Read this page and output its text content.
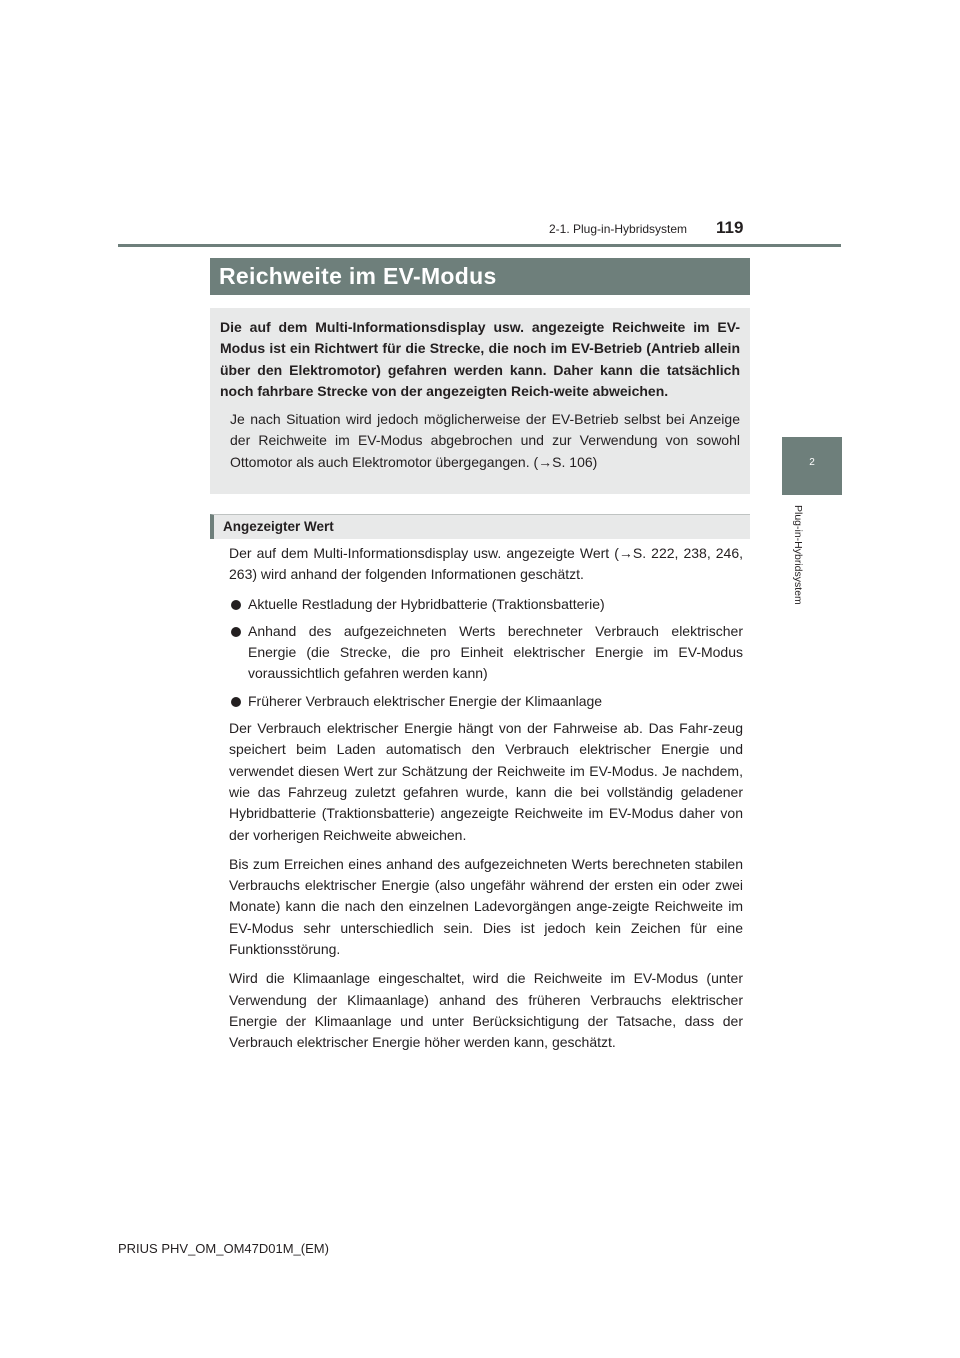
2-1. Plug-in-Hybridsystem 119
2
Plug-in-Hybridsystem
Reichweite im EV-Modus

Die auf dem Multi-Informationsdisplay usw. angezeigte Reichweite im EV-Modus ist ein Richtwert für die Strecke, die noch im EV-Betrieb (Antrieb allein über den Elektromotor) gefahren werden kann. Daher kann die tatsächlich noch fahrbare Strecke von der angezeigten Reich-weite abweichen.

Je nach Situation wird jedoch möglicherweise der EV-Betrieb selbst bei Anzeige der Reichweite im EV-Modus abgebrochen und zur Verwendung von sowohl Ottomotor als auch Elektromotor übergegangen. (→S. 106)

Angezeigter Wert

Der auf dem Multi-Informationsdisplay usw. angezeigte Wert (→S. 222, 238, 246, 263) wird anhand der folgenden Informationen geschätzt.

Aktuelle Restladung der Hybridbatterie (Traktionsbatterie)
Anhand des aufgezeichneten Werts berechneter Verbrauch elektrischer Energie (die Strecke, die pro Einheit elektrischer Energie im EV-Modus voraussichtlich gefahren werden kann)
Früherer Verbrauch elektrischer Energie der Klimaanlage

Der Verbrauch elektrischer Energie hängt von der Fahrweise ab. Das Fahr-zeug speichert beim Laden automatisch den Verbrauch elektrischer Energie und verwendet diesen Wert zur Schätzung der Reichweite im EV-Modus. Je nachdem, wie das Fahrzeug zuletzt gefahren wurde, kann die bei vollständig geladener Hybridbatterie (Traktionsbatterie) angezeigte Reichweite im EV-Modus daher von der vorherigen Reichweite abweichen.

Bis zum Erreichen eines anhand des aufgezeichneten Werts berechneten stabilen Verbrauchs elektrischer Energie (also ungefähr während der ersten ein oder zwei Monate) kann die nach den einzelnen Ladevorgängen ange-zeigte Reichweite im EV-Modus sehr unterschiedlich sein. Dies ist jedoch kein Zeichen für eine Funktionsstörung.

Wird die Klimaanlage eingeschaltet, wird die Reichweite im EV-Modus (unter Verwendung der Klimaanlage) anhand des früheren Verbrauchs elektrischer Energie der Klimaanlage und unter Berücksichtigung der Tatsache, dass der Verbrauch elektrischer Energie höher werden kann, geschätzt.

PRIUS PHV_OM_OM47D01M_(EM)
